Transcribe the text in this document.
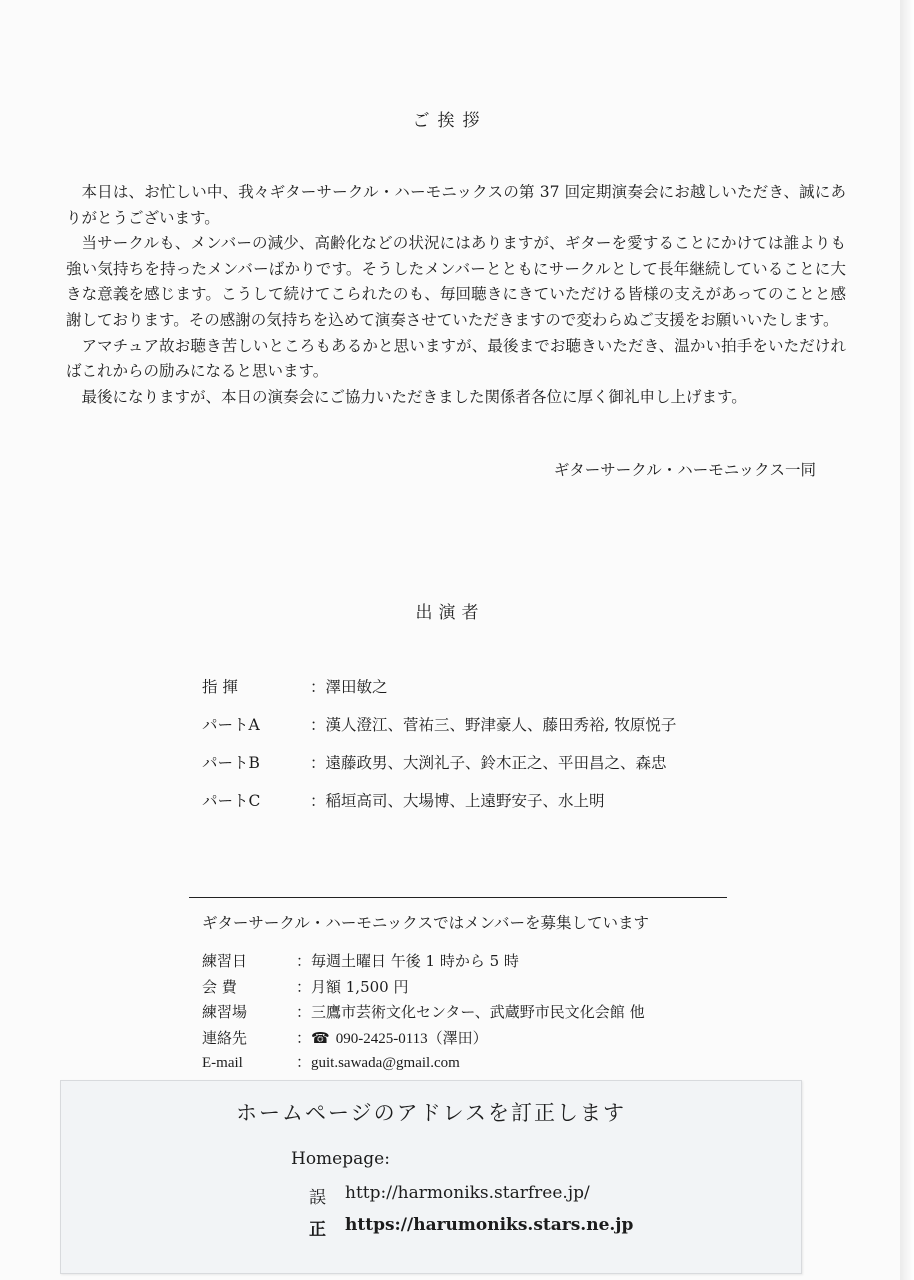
ご挨拶

本日は、お忙しい中、我々ギターサークル・ハーモニックスの第 37 回定期演奏会にお越しいただき、誠にありがとうございます。

当サークルも、メンバーの減少、高齢化などの状況にはありますが、ギターを愛することにかけては誰よりも強い気持ちを持ったメンバーばかりです。そうしたメンバーとともにサークルとして長年継続していることに大きな意義を感じます。こうして続けてこられたのも、毎回聴きにきていただける皆様の支えがあってのことと感謝しております。その感謝の気持ちを込めて演奏させていただきますので変わらぬご支援をお願いいたします。

アマチュア故お聴き苦しいところもあるかと思いますが、最後までお聴きいただき、温かい拍手をいただければこれからの励みになると思います。

最後になりますが、本日の演奏会にご協力いただきました関係者各位に厚く御礼申し上げます。

ギターサークル・ハーモニックス一同
出演者
指 揮	：澤田敏之
パートA	：漢人澄江、菅祐三、野津豪人、藤田秀裕, 牧原悦子
パートB	：遠藤政男、大渕礼子、鈴木正之、平田昌之、森忠
パートC	：稲垣高司、大場博、上遠野安子、水上明
ギターサークル・ハーモニックスではメンバーを募集しています
練習日	：毎週土曜日 午後 1 時から 5 時
会 費	：月額 1,500 円
練習場	：三鷹市芸術文化センター、武蔵野市民文化会館 他
連絡先	：☎ 090-2425-0113（澤田）
E-mail	：guit.sawada@gmail.com
ホームページのアドレスを訂正します
Homepage:
誤	http://harmoniks.starfree.jp/
正	https://harumoniks.stars.ne.jp
